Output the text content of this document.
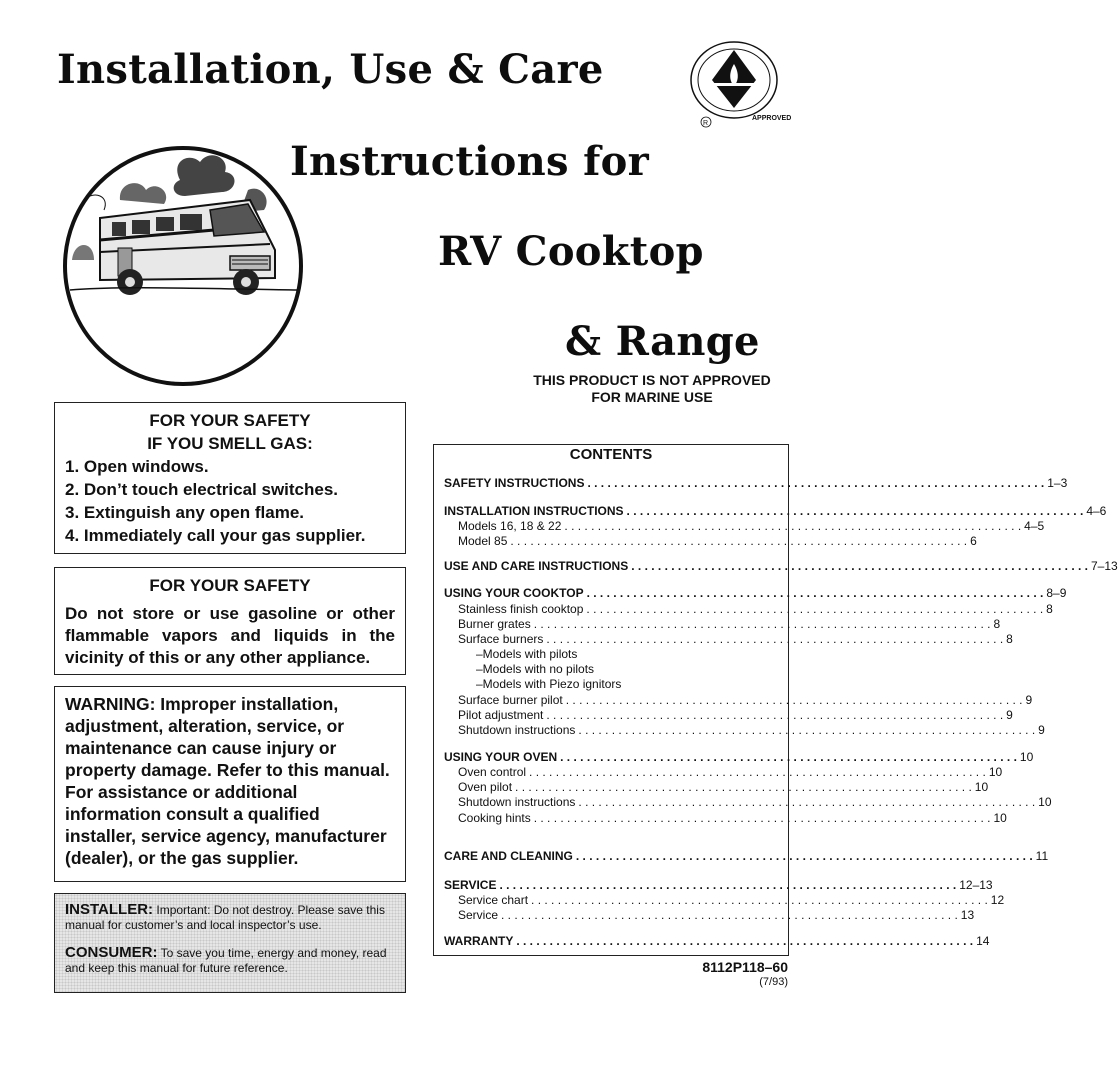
Installation, Use & Care
Instructions for
RV Cooktop
& Range
THIS PRODUCT IS NOT APPROVED
FOR MARINE USE
APPROVED
R
FOR YOUR SAFETY
IF YOU SMELL GAS:
1. Open windows.
2. Don’t touch electrical switches.
3. Extinguish any open flame.
4. Immediately call your gas supplier.
FOR YOUR SAFETY
Do not store or use gasoline or other flammable vapors and liquids in the vicinity of this or any other appliance.
WARNING: Improper installation, adjustment, alteration, service, or maintenance can cause injury or property damage. Refer to this manual. For assistance or additional information consult a qualified installer, service agency, manufacturer (dealer), or the gas supplier.
INSTALLER: Important: Do not destroy. Please save this manual for customer’s and local inspector’s use.
CONSUMER: To save you time, energy and money, read and keep this manual for future reference.
CONTENTS
SAFETY INSTRUCTIONS . . .	1–3
INSTALLATION INSTRUCTIONS . . .	4–6
Models 16, 18 & 22 . . .	4–5
Model 85 . . .	6
USE AND CARE INSTRUCTIONS . . .	7–13
USING YOUR COOKTOP . . .	8–9
Stainless finish cooktop . . .	8
Burner grates . . .	8
Surface burners . . .	8
–Models with pilots
–Models with no pilots
–Models with Piezo ignitors
Surface burner pilot . . .	9
Pilot adjustment . . .	9
Shutdown instructions . . .	9
USING YOUR OVEN . . .	10
Oven control . . .	10
Oven pilot . . .	10
Shutdown instructions . . .	10
Cooking hints . . .	10
CARE AND CLEANING . . .	11
SERVICE . . .	12–13
Service chart . . .	12
Service . . .	13
WARRANTY . . .	14
8112P118–60
(7/93)
